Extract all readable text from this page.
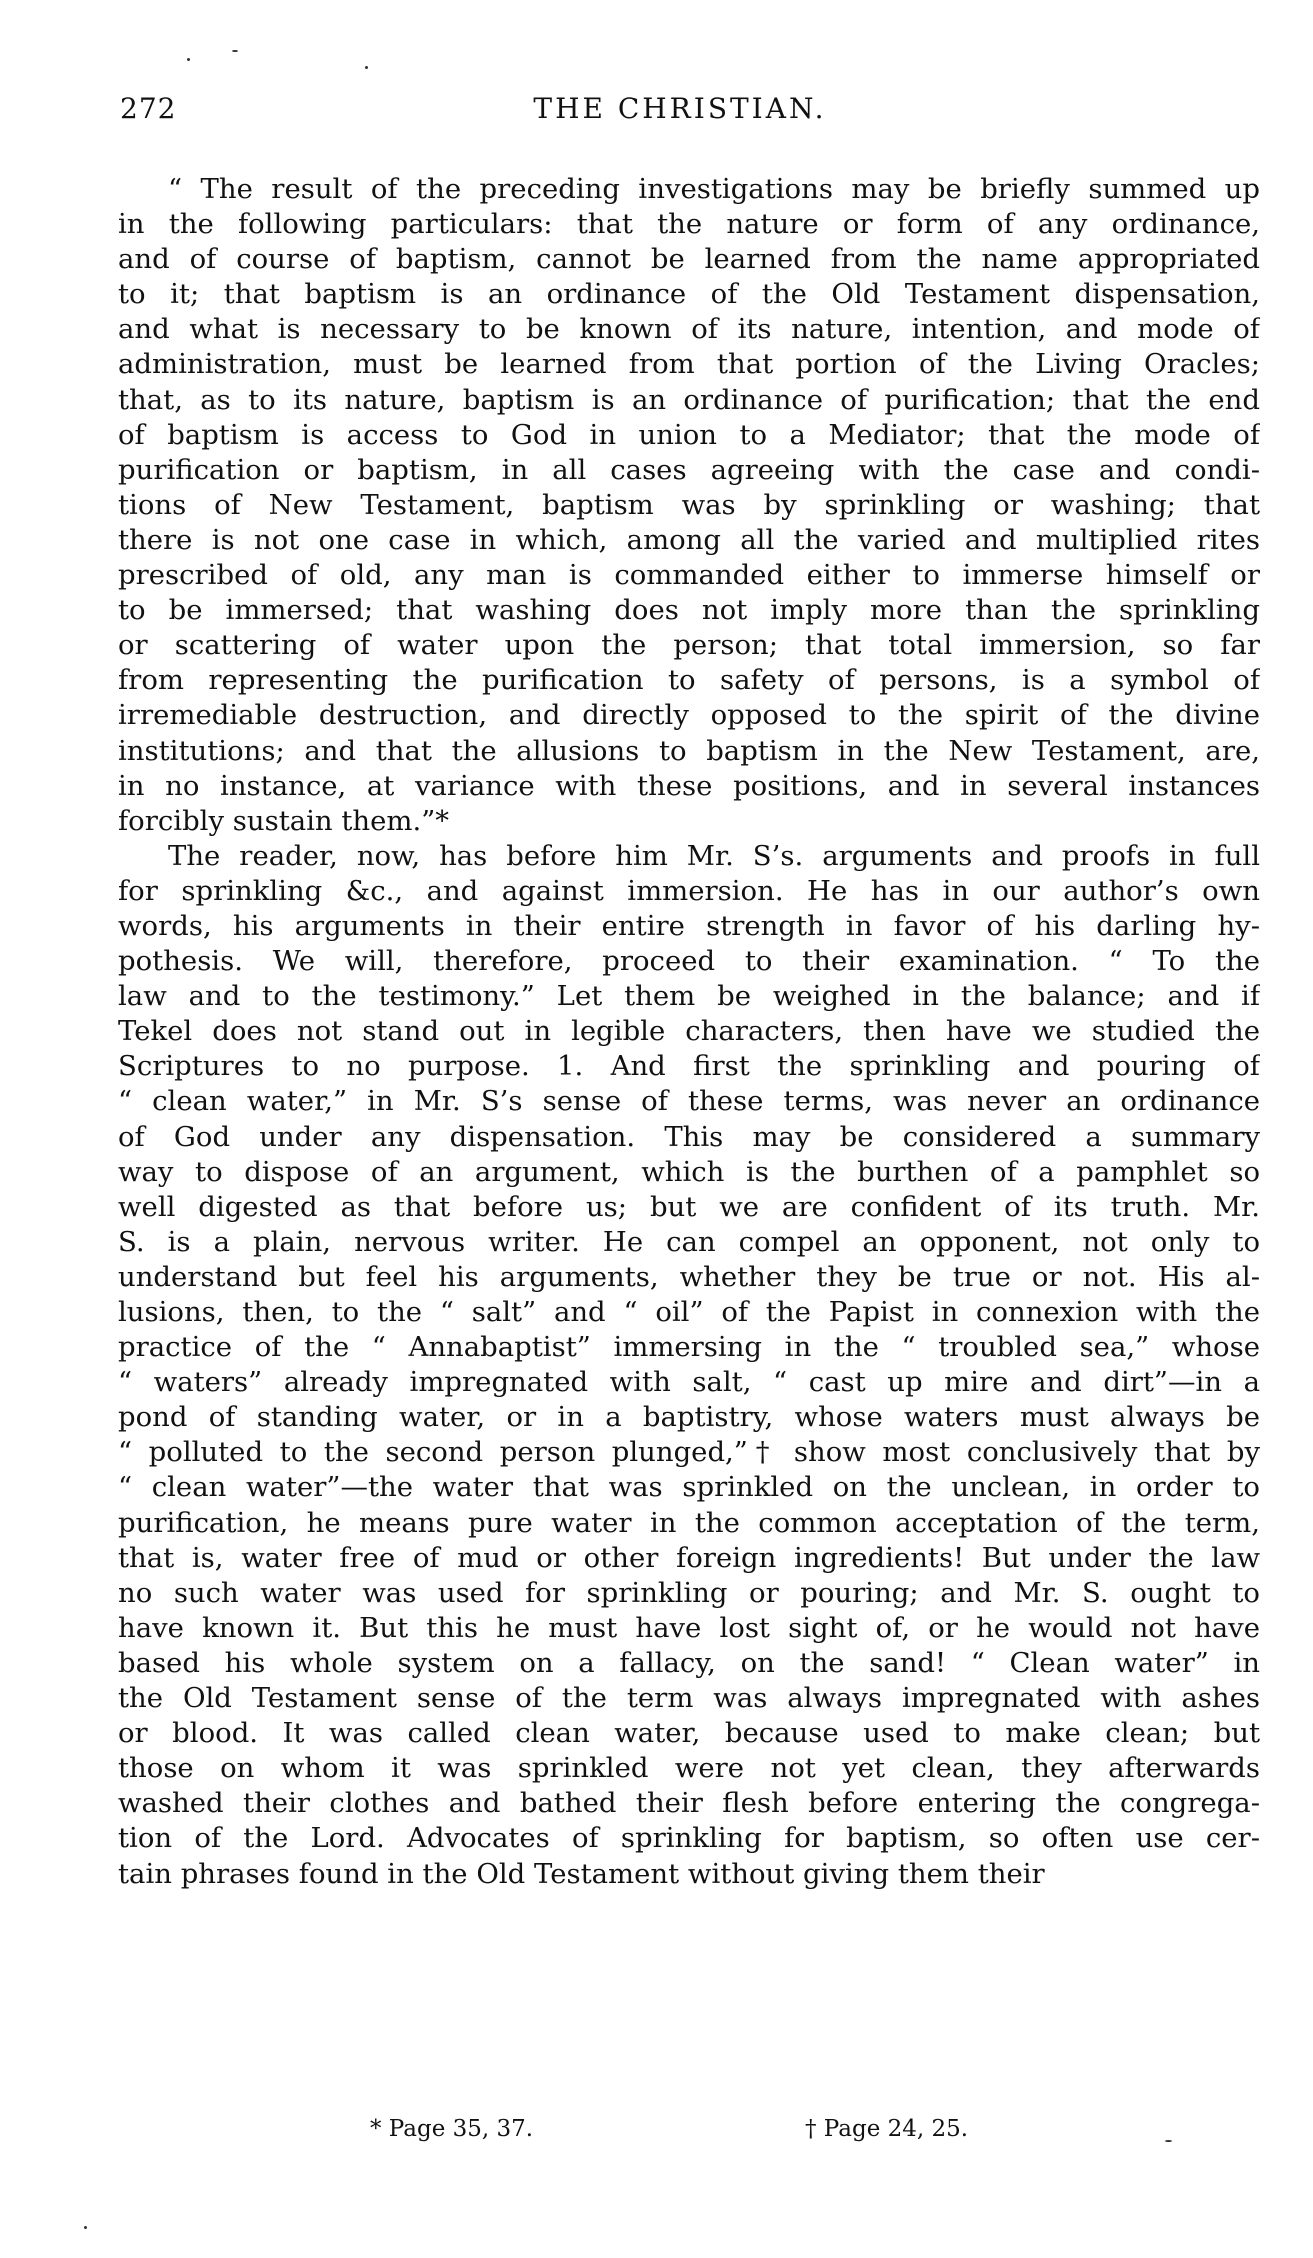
272	THE CHRISTIAN.
“ The result of the preceding investigations may be briefly summed up
in the following particulars: that the nature or form of any ordinance,
and of course of baptism, cannot be learned from the name appropriated
to it; that baptism is an ordinance of the Old Testament dispensation,
and what is necessary to be known of its nature, intention, and mode of
administration, must be learned from that portion of the Living Oracles;
that, as to its nature, baptism is an ordinance of purification; that the end
of baptism is access to God in union to a Mediator; that the mode of
purification or baptism, in all cases agreeing with the case and condi-
tions of New Testament, baptism was by sprinkling or washing; that
there is not one case in which, among all the varied and multiplied rites
prescribed of old, any man is commanded either to immerse himself or
to be immersed; that washing does not imply more than the sprinkling
or scattering of water upon the person; that total immersion, so far
from representing the purification to safety of persons, is a symbol of
irremediable destruction, and directly opposed to the spirit of the divine
institutions; and that the allusions to baptism in the New Testament, are,
in no instance, at variance with these positions, and in several instances
forcibly sustain them.”*
The reader, now, has before him Mr. S’s. arguments and proofs in full
for sprinkling &c., and against immersion. He has in our author’s own
words, his arguments in their entire strength in favor of his darling hy-
pothesis. We will, therefore, proceed to their examination. “ To the
law and to the testimony.” Let them be weighed in the balance; and if
Tekel does not stand out in legible characters, then have we studied the
Scriptures to no purpose. 1. And first the sprinkling and pouring of
“ clean water,” in Mr. S’s sense of these terms, was never an ordinance
of God under any dispensation. This may be considered a summary
way to dispose of an argument, which is the burthen of a pamphlet so
well digested as that before us; but we are confident of its truth. Mr.
S. is a plain, nervous writer. He can compel an opponent, not only to
understand but feel his arguments, whether they be true or not. His al-
lusions, then, to the “ salt” and “ oil” of the Papist in connexion with the
practice of the “ Annabaptist” immersing in the “ troubled sea,” whose
“ waters” already impregnated with salt, “ cast up mire and dirt”—in a
pond of standing water, or in a baptistry, whose waters must always be
“ polluted to the second person plunged,”† show most conclusively that by
“ clean water”—the water that was sprinkled on the unclean, in order to
purification, he means pure water in the common acceptation of the term,
that is, water free of mud or other foreign ingredients! But under the law
no such water was used for sprinkling or pouring; and Mr. S. ought to
have known it. But this he must have lost sight of, or he would not have
based his whole system on a fallacy, on the sand! “ Clean water” in
the Old Testament sense of the term was always impregnated with ashes
or blood. It was called clean water, because used to make clean; but
those on whom it was sprinkled were not yet clean, they afterwards
washed their clothes and bathed their flesh before entering the congrega-
tion of the Lord. Advocates of sprinkling for baptism, so often use cer-
tain phrases found in the Old Testament without giving them their
* Page 35, 37.	† Page 24, 25.
